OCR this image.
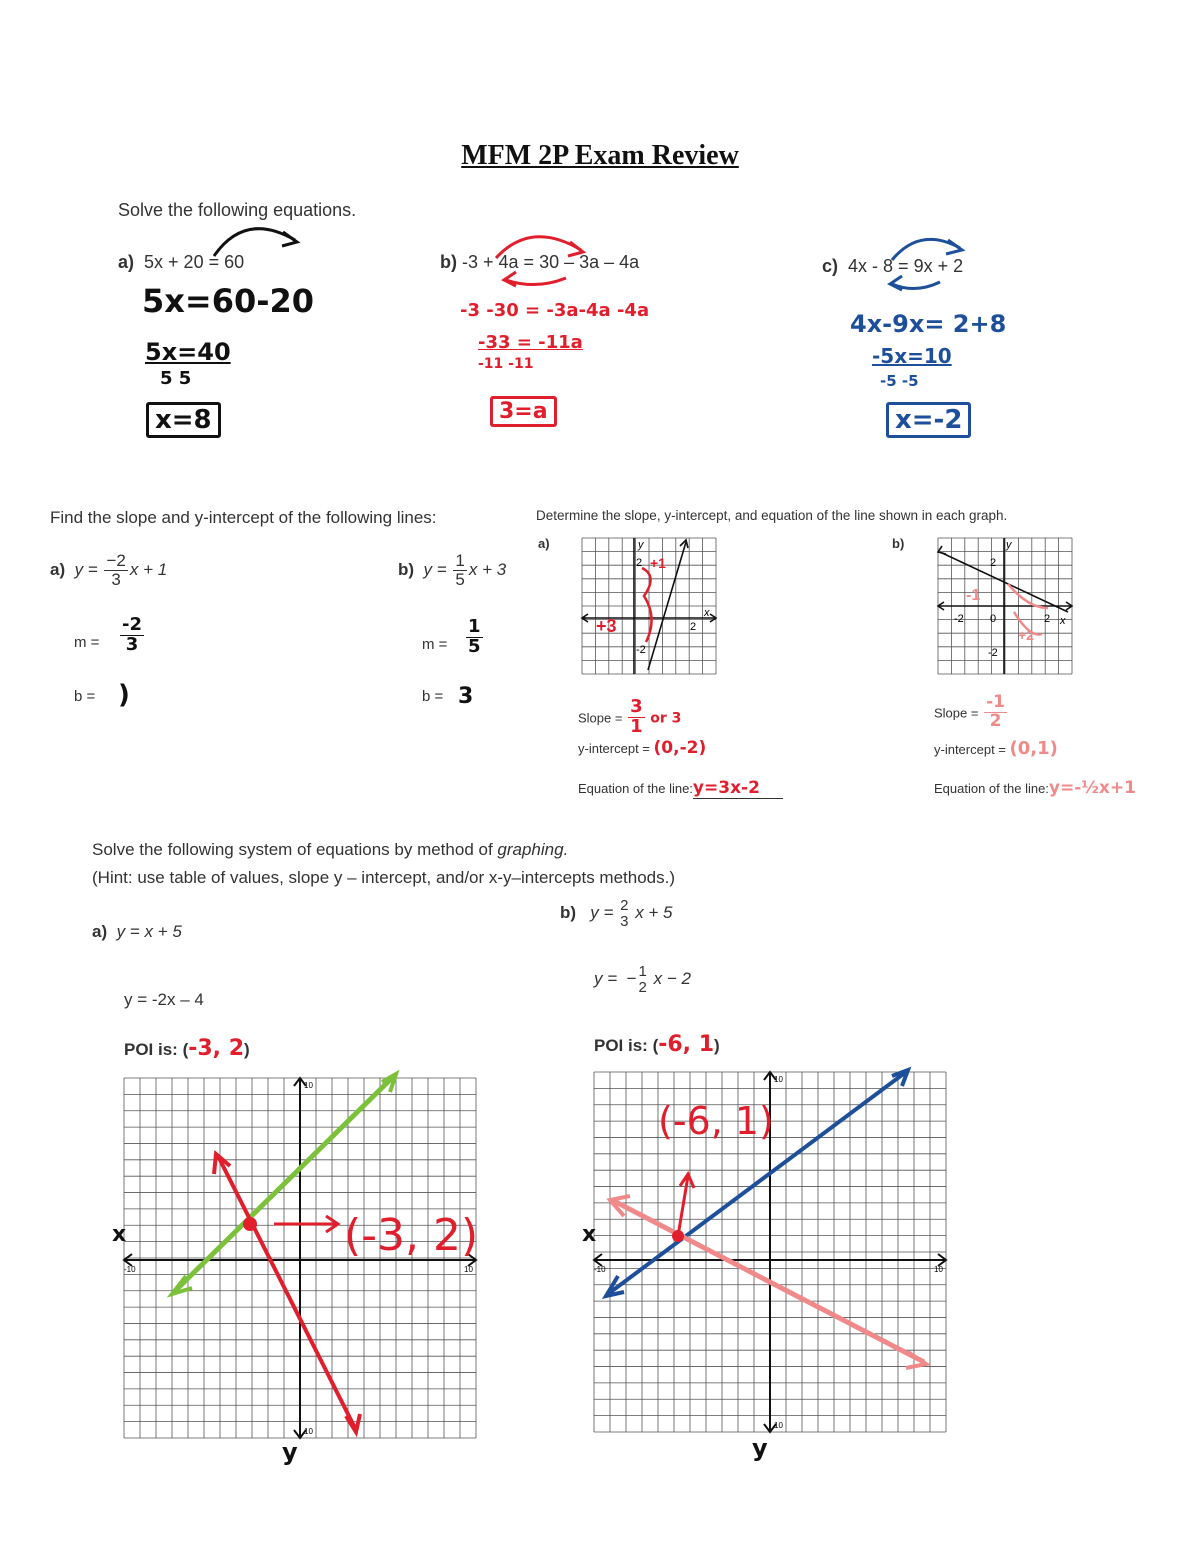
MFM 2P Exam Review
Solve the following equations.
a) 5x + 20 = 60
5x=60-20
5x=40
5 5
x=8
b) -3 + 4a = 30 – 3a – 4a
-3 -30 = -3a-4a -4a
-33 = -11a
-11 -11
3=a
c) 4x - 8 = 9x + 2
4x-9x= 2+8
-5x=10
-5 -5
x=-2
Find the slope and y-intercept of the following lines:
a) $y = \frac{-2}{3}$ x + 1
$m = \frac{-2}{3}$
b = )
b) $y = \frac{1}{5}$ x + 3
$m = \frac{1}{5}$
b = 3
Determine the slope, y-intercept, and equation of the line shown in each graph.
a)	b)
2
-2
2
x
y
+3
+1	2
-2
-2 0	2 x
y
-1
+2
Slope = $\frac{3}{1}$ or 3
y-intercept = (0,-2)
Equation of the line:y=3x-2
Slope = $\frac{-1}{2}$
y-intercept = (0,1)
Equation of the line:y=-½x+1
Solve the following system of equations by method of graphing.
(Hint: use table of values, slope y – intercept, and/or x-y–intercepts methods.)
a) y = x + 5
y = -2x – 4
POI is: (-3, 2)
b) y = 2
3 x + 5
y = − 1
2 x − 2
POI is: (-6, 1)
10
10
-10	10
(-3, 2)
x
y
10
10
-10	10
(-6, 1)
x
y
